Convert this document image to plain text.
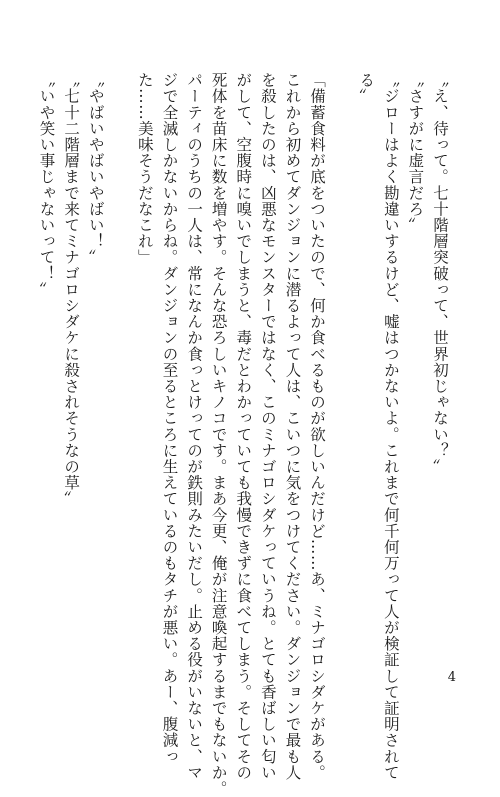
〝え、待って。七十階層突破って、世界初じゃない？〟
〝さすがに虚言だろ〟
〝ジローはよく勘違いするけど、嘘はつかないよ。これまで何千何万って人が検証して証明されて
る〟
「備蓄食料が底をついたので、何か食べるものが欲しいんだけど……あ、ミナゴロシダケがある。
これから初めてダンジョンに潜るよって人は、こいつに気をつけてください。ダンジョンで最も人
を殺したのは、凶悪なモンスターではなく、このミナゴロシダケっていうね。とても香ばしい匂い
がして、空腹時に嗅いでしまうと、毒だとわかっていても我慢できずに食べてしまう。そしてその
死体を苗床に数を増やす。そんな恐ろしいキノコです。まあ今更、俺が注意喚起するまでもないか。
パーティのうちの一人は、常になんか食っとけってのが鉄則みたいだし。止める役がいないと、マ
ジで全滅しかないからね。ダンジョンの至るところに生えているのもタチが悪い。あー、腹減っ
た……美味そうだなこれ」
〝やばいやばいやばい！〟
〝七十二階層まで来てミナゴロシダケに殺されそうなの草〟
〝いや笑い事じゃないって！〟
4
